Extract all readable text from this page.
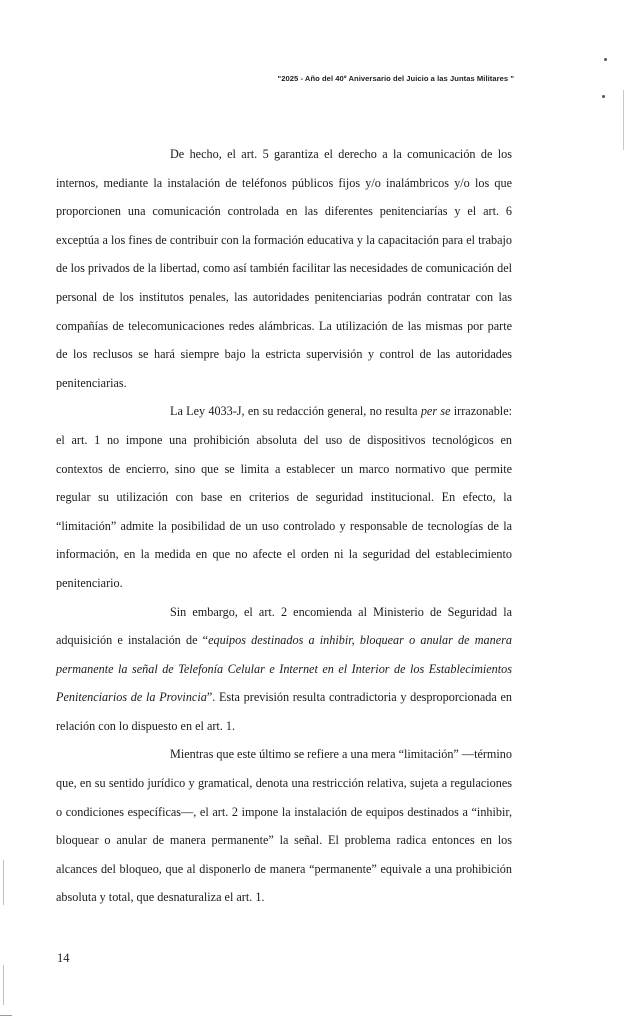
"2025 - Año del 40º Aniversario del Juicio a las Juntas Militares "

De hecho, el art. 5 garantiza el derecho a la comunicación de los internos, mediante la instalación de teléfonos públicos fijos y/o inalámbricos y/o los que proporcionen una comunicación controlada en las diferentes penitenciarías y el art. 6 exceptúa a los fines de contribuir con la formación educativa y la capacitación para el trabajo de los privados de la libertad, como así también facilitar las necesidades de comunicación del personal de los institutos penales, las autoridades penitenciarias podrán contratar con las compañías de telecomunicaciones redes alámbricas. La utilización de las mismas por parte de los reclusos se hará siempre bajo la estricta supervisión y control de las autoridades penitenciarias.

La Ley 4033-J, en su redacción general, no resulta per se irrazonable: el art. 1 no impone una prohibición absoluta del uso de dispositivos tecnológicos en contextos de encierro, sino que se limita a establecer un marco normativo que permite regular su utilización con base en criterios de seguridad institucional. En efecto, la “limitación” admite la posibilidad de un uso controlado y responsable de tecnologías de la información, en la medida en que no afecte el orden ni la seguridad del establecimiento penitenciario.

Sin embargo, el art. 2 encomienda al Ministerio de Seguridad la adquisición e instalación de “equipos destinados a inhibir, bloquear o anular de manera permanente la señal de Telefonía Celular e Internet en el Interior de los Establecimientos Penitenciarios de la Provincia”. Esta previsión resulta contradictoria y desproporcionada en relación con lo dispuesto en el art. 1.

Mientras que este último se refiere a una mera “limitación” —término que, en su sentido jurídico y gramatical, denota una restricción relativa, sujeta a regulaciones o condiciones específicas—, el art. 2 impone la instalación de equipos destinados a “inhibir, bloquear o anular de manera permanente” la señal. El problema radica entonces en los alcances del bloqueo, que al disponerlo de manera “permanente” equivale a una prohibición absoluta y total, que desnaturaliza el art. 1.

14
